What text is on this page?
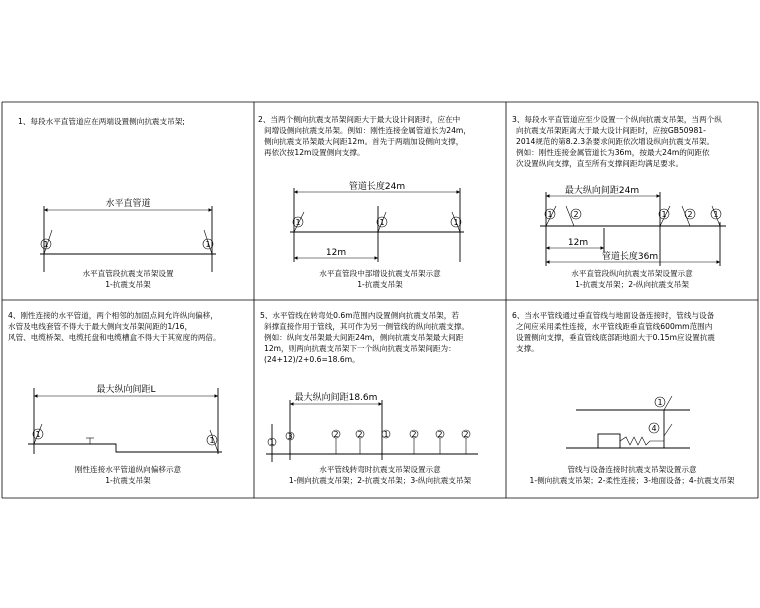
1、每段水平直管道应在两端设置侧向抗震支吊架;
水平直管道
1	1
水平直管段抗震支吊架设置
1-抗震支吊架
2、当两个侧向抗震支吊架间距大于最大设计间距时，应在中
间增设侧向抗震支吊架。例如：刚性连接金属管道长为24m，
侧向抗震支吊架最大间距12m。首先于两端加设侧向支撑，
再依次按12m设置侧向支撑。
管道长度24m
12m
1	1	1
水平直管段中部增设抗震支吊架示意
1-抗震支吊架
3、每段水平直管道应至少设置一个纵向抗震支吊架，当两个纵
向抗震支吊架距离大于最大设计间距时，应按GB50981-
2014规范的第8.2.3条要求间距依次增设纵向抗震支吊架。
例如：刚性连接金属管道长为36m，按最大24m的间距依
次设置纵向支撑，直至所有支撑间距均满足要求。
最大纵向间距24m
12m
管道长度36m
1	2	1	2	1
水平直管段纵向抗震支吊架设置示意
1-抗震支吊架；2-纵向抗震支吊架
4、刚性连接的水平管道，两个相邻的加固点间允许纵向偏移，
水管及电线套管不得大于最大侧向支吊架间距的1/16，
风管、电缆桥架、电缆托盘和电缆槽盒不得大于其宽度的两倍。
最大纵向间距L
1
1
刚性连接水平管道纵向偏移示意
1-抗震支吊架
5、水平管线在转弯处0.6m范围内设置侧向抗震支吊架，若
斜撑直接作用于管线，其可作为另一侧管线的纵向抗震支撑。
例如：纵向支吊架最大间距24m，侧向抗震支吊架最大间距
12m，则两向抗震支吊架下一个纵向抗震支吊架间距为：
(24+12)/2+0.6=18.6m。
最大纵向间距18.6m
1
3	2 2	1	2	2	2
水平管线转弯时抗震支吊架设置示意
1-侧向抗震支吊架；2-抗震支吊架；3-纵向抗震支吊架
6、当水平管线通过垂直管线与地面设备连接时，管线与设备
之间应采用柔性连接，水平管线距垂直管线600mm范围内
设置侧向支撑，垂直管线底部距地面大于0.15m应设置抗震
支撑。
1
4
管线与设备连接时抗震支吊架设置示意
1-侧向抗震支吊架；2-柔性连接；3-地面设备；4-抗震支吊架
